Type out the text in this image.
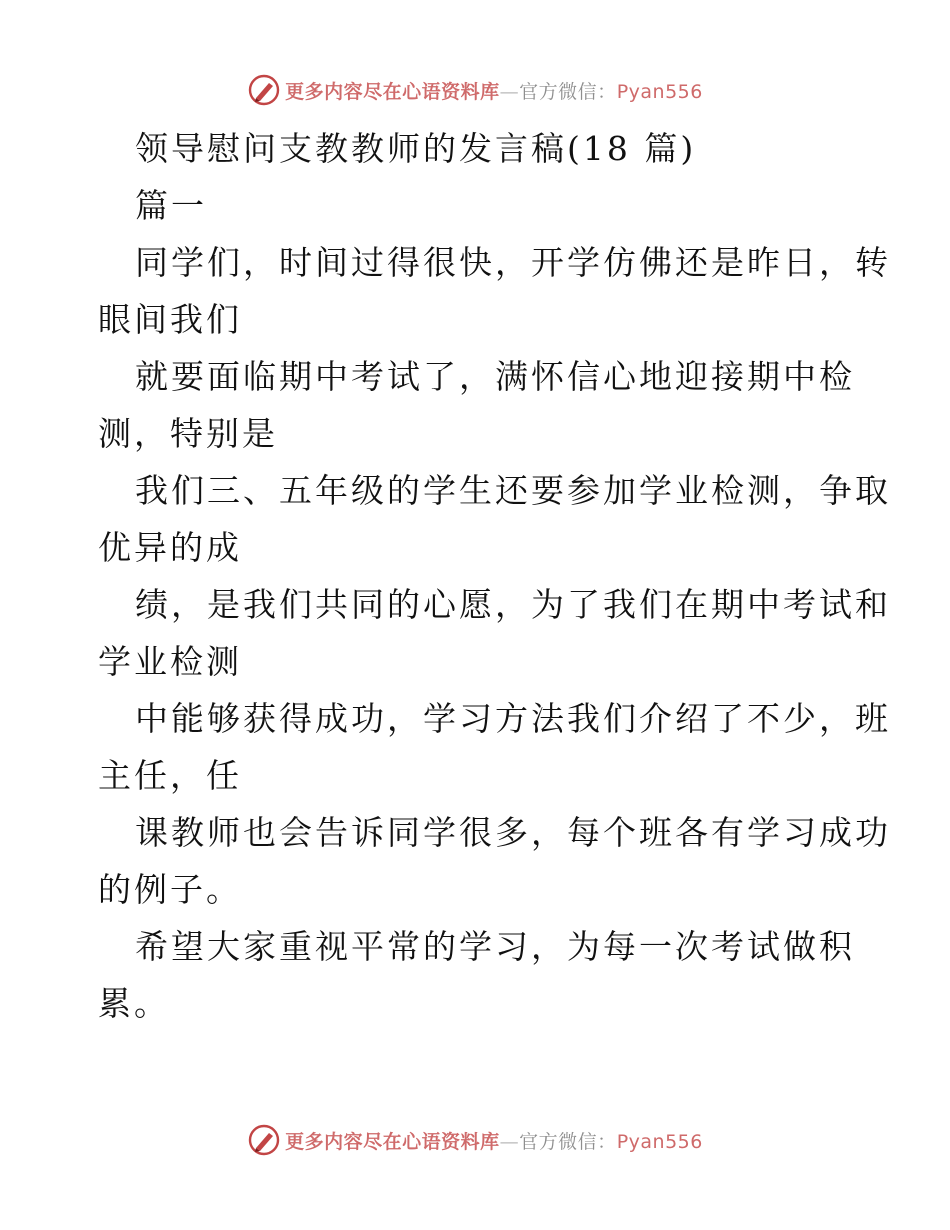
更多内容尽在心语资料库—官方微信：Pyan556
领导慰问支教教师的发言稿(18 篇)
篇一
同学们，时间过得很快，开学仿佛还是昨日，转
眼间我们
就要面临期中考试了，满怀信心地迎接期中检
测，特别是
我们三、五年级的学生还要参加学业检测，争取
优异的成
绩，是我们共同的心愿，为了我们在期中考试和
学业检测
中能够获得成功，学习方法我们介绍了不少，班
主任，任
课教师也会告诉同学很多，每个班各有学习成功
的例子。
希望大家重视平常的学习，为每一次考试做积
累。
更多内容尽在心语资料库—官方微信：Pyan556
